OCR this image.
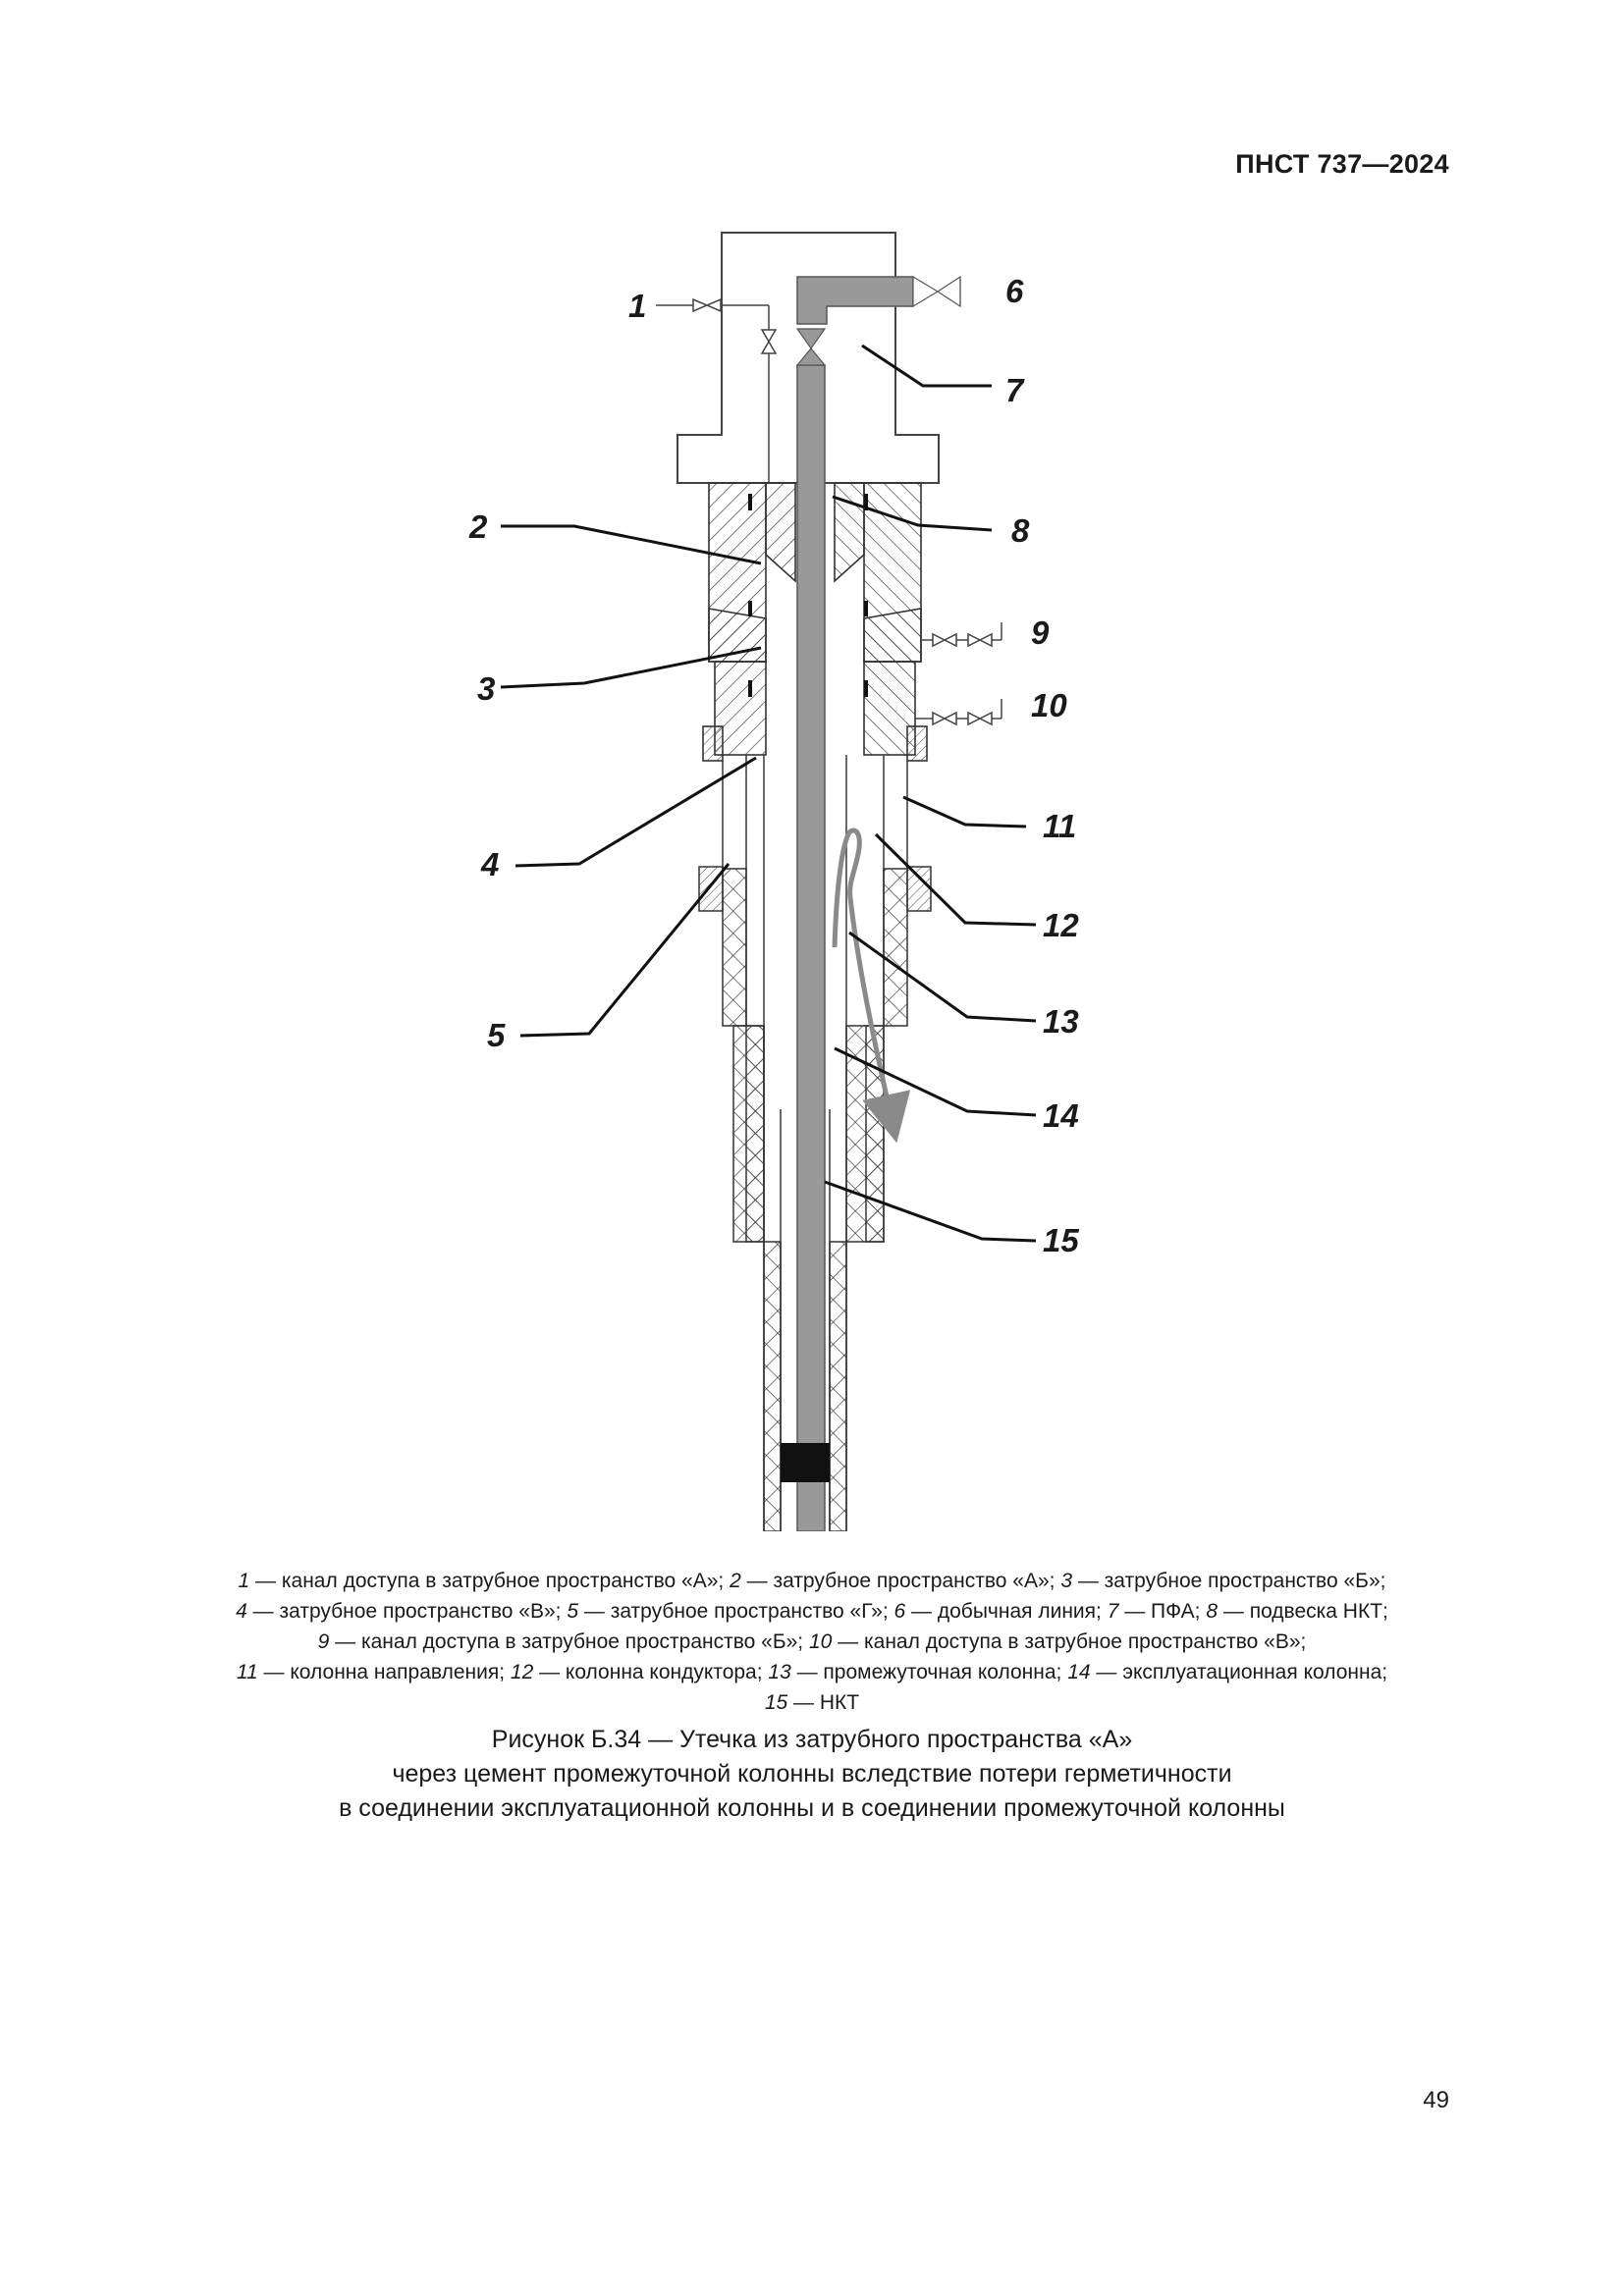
ПНСТ 737—2024
1
2
3
4
5
6
7
8
9
10
11
12
13
14
15
1 — канал доступа в затрубное пространство «А»; 2 — затрубное пространство «А»; 3 — затрубное пространство «Б»;
4 — затрубное пространство «В»; 5 — затрубное пространство «Г»; 6 — добычная линия; 7 — ПФА; 8 — подвеска НКТ;
9 — канал доступа в затрубное пространство «Б»; 10 — канал доступа в затрубное пространство «В»;
11 — колонна направления; 12 — колонна кондуктора; 13 — промежуточная колонна; 14 — эксплуатационная колонна;
15 — НКТ
Рисунок Б.34 — Утечка из затрубного пространства «А»
через цемент промежуточной колонны вследствие потери герметичности
в соединении эксплуатационной колонны и в соединении промежуточной колонны
49
